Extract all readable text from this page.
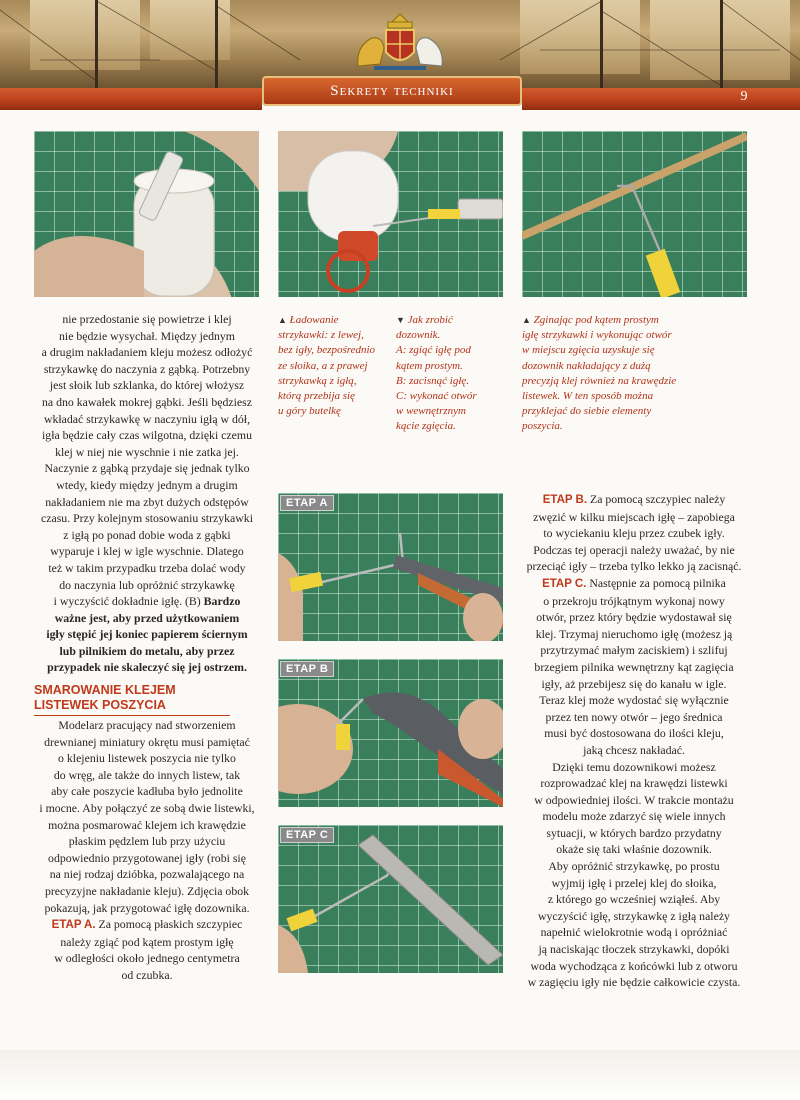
Sekrety techniki	9
▲ Ładowanie
strzykawki: z lewej,
bez igły, bezpośrednio
ze słoika, a z prawej
strzykawką z igłą,
którą przebija się
u góry butelkę
▼ Jak zrobić
dozownik.
A: zgiąć igłę pod
kątem prostym.
B: zacisnąć igłę.
C: wykonać otwór
w wewnętrznym
kącie zgięcia.
▲ Zginając pod kątem prostym
igłę strzykawki i wykonując otwór
w miejscu zgięcia uzyskuje się
dozownik nakładający z dużą
precyzją klej również na krawędzie
listewek. W ten sposób można
przyklejać do siebie elementy
poszycia.
ETAP A
ETAP B
ETAP C

nie przedostanie się powietrze i klej

nie będzie wysychał. Między jednym

a drugim nakładaniem kleju możesz odłożyć

strzykawkę do naczynia z gąbką. Potrzebny

jest słoik lub szklanka, do której włożysz

na dno kawałek mokrej gąbki. Jeśli będziesz

wkładać strzykawkę w naczyniu igłą w dół,

igła będzie cały czas wilgotna, dzięki czemu

klej w niej nie wyschnie i nie zatka jej.

Naczynie z gąbką przydaje się jednak tylko

wtedy, kiedy między jednym a drugim

nakładaniem nie ma zbyt dużych odstępów

czasu. Przy kolejnym stosowaniu strzykawki

z igłą po ponad dobie woda z gąbki

wyparuje i klej w igle wyschnie. Dlatego

też w takim przypadku trzeba dolać wody

do naczynia lub opróżnić strzykawkę

i wyczyścić dokładnie igłę. (B) Bardzo

ważne jest, aby przed użytkowaniem

igły stępić jej koniec papierem ściernym

lub pilnikiem do metalu, aby przez

przypadek nie skaleczyć się jej ostrzem.

SMAROWANIE KLEJEM
LISTEWEK POSZYCIA

Modelarz pracujący nad stworzeniem

drewnianej miniatury okrętu musi pamiętać

o klejeniu listewek poszycia nie tylko

do wręg, ale także do innych listew, tak

aby całe poszycie kadłuba było jednolite

i mocne. Aby połączyć ze sobą dwie listewki,

można posmarować klejem ich krawędzie

płaskim pędzlem lub przy użyciu

odpowiednio przygotowanej igły (robi się

na niej rodzaj dzióbka, pozwalającego na

precyzyjne nakładanie kleju). Zdjęcia obok

pokazują, jak przygotować igłę dozownika.

ETAP A. Za pomocą płaskich szczypiec

należy zgiąć pod kątem prostym igłę

w odległości około jednego centymetra

od czubka.

ETAP B. Za pomocą szczypiec należy

zwęzić w kilku miejscach igłę – zapobiega

to wyciekaniu kleju przez czubek igły.

Podczas tej operacji należy uważać, by nie

przeciąć igły – trzeba tylko lekko ją zacisnąć.

ETAP C. Następnie za pomocą pilnika

o przekroju trójkątnym wykonaj nowy

otwór, przez który będzie wydostawał się

klej. Trzymaj nieruchomo igłę (możesz ją

przytrzymać małym zaciskiem) i szlifuj

brzegiem pilnika wewnętrzny kąt zagięcia

igły, aż przebijesz się do kanału w igle.

Teraz klej może wydostać się wyłącznie

przez ten nowy otwór – jego średnica

musi być dostosowana do ilości kleju,

jaką chcesz nakładać.

Dzięki temu dozownikowi możesz

rozprowadzać klej na krawędzi listewki

w odpowiedniej ilości. W trakcie montażu

modelu może zdarzyć się wiele innych

sytuacji, w których bardzo przydatny

okaże się taki właśnie dozownik.

Aby opróżnić strzykawkę, po prostu

wyjmij igłę i przelej klej do słoika,

z którego go wcześniej wziąłeś. Aby

wyczyścić igłę, strzykawkę z igłą należy

napełnić wielokrotnie wodą i opróżniać

ją naciskając tłoczek strzykawki, dopóki

woda wychodząca z końcówki lub z otworu

w zagięciu igły nie będzie całkowicie czysta.
